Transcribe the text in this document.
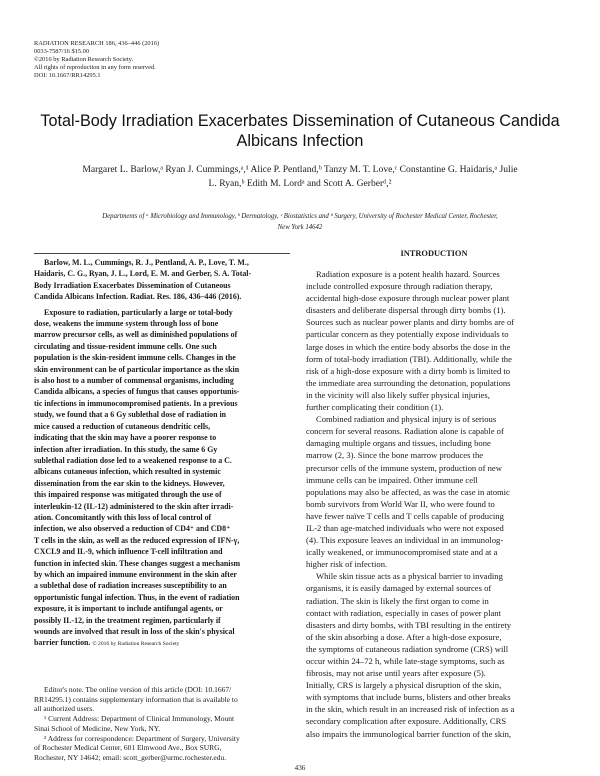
RADIATION RESEARCH 186, 436–446 (2016)
0033-7587/16 $15.00
©2016 by Radiation Research Society.
All rights of reproduction in any form reserved.
DOI: 10.1667/RR14295.1
Total-Body Irradiation Exacerbates Dissemination of Cutaneous Candida
Albicans Infection
Margaret L. Barlow,ᵃ Ryan J. Cummings,ᵃ,¹ Alice P. Pentland,ᵇ Tanzy M. T. Love,ᶜ Constantine G. Haidaris,ᵃ Julie
L. Ryan,ᵇ Edith M. Lordᵃ and Scott A. Gerberᵈ,²
Departments of ᵃ Microbiology and Immunology, ᵇ Dermatology, ᶜ Biostatistics and ᵈ Surgery, University of Rochester Medical Center, Rochester,
New York 14642
Barlow, M. L., Cummings, R. J., Pentland, A. P., Love, T. M.,
Haidaris, C. G., Ryan, J. L., Lord, E. M. and Gerber, S. A. Total-
Body Irradiation Exacerbates Dissemination of Cutaneous
Candida Albicans Infection. Radiat. Res. 186, 436–446 (2016).
Exposure to radiation, particularly a large or total-body
dose, weakens the immune system through loss of bone
marrow precursor cells, as well as diminished populations of
circulating and tissue-resident immune cells. One such
population is the skin-resident immune cells. Changes in the
skin environment can be of particular importance as the skin
is also host to a number of commensal organisms, including
Candida albicans, a species of fungus that causes opportunis-
tic infections in immunocompromised patients. In a previous
study, we found that a 6 Gy sublethal dose of radiation in
mice caused a reduction of cutaneous dendritic cells,
indicating that the skin may have a poorer response to
infection after irradiation. In this study, the same 6 Gy
sublethal radiation dose led to a weakened response to a C.
albicans cutaneous infection, which resulted in systemic
dissemination from the ear skin to the kidneys. However,
this impaired response was mitigated through the use of
interleukin-12 (IL-12) administered to the skin after irradi-
ation. Concomitantly with this loss of local control of
infection, we also observed a reduction of CD4⁺ and CD8⁺
T cells in the skin, as well as the reduced expression of IFN-γ,
CXCL9 and IL-9, which influence T-cell infiltration and
function in infected skin. These changes suggest a mechanism
by which an impaired immune environment in the skin after
a sublethal dose of radiation increases susceptibility to an
opportunistic fungal infection. Thus, in the event of radiation
exposure, it is important to include antifungal agents, or
possibly IL-12, in the treatment regimen, particularly if
wounds are involved that result in loss of the skin's physical
barrier function. © 2016 by Radiation Research Society
Editor's note. The online version of this article (DOI: 10.1667/
RR14295.1) contains supplementary information that is available to
all authorized users.
¹ Current Address: Department of Clinical Immunology, Mount
Sinai School of Medicine, New York, NY.
² Address for correspondence: Department of Surgery, University
of Rochester Medical Center, 601 Elmwood Ave., Box SURG,
Rochester, NY 14642; email: scott_gerber@urmc.rochester.edu.
INTRODUCTION
Radiation exposure is a potent health hazard. Sources
include controlled exposure through radiation therapy,
accidental high-dose exposure through nuclear power plant
disasters and deliberate dispersal through dirty bombs (1).
Sources such as nuclear power plants and dirty bombs are of
particular concern as they potentially expose individuals to
large doses in which the entire body absorbs the dose in the
form of total-body irradiation (TBI). Additionally, while the
risk of a high-dose exposure with a dirty bomb is limited to
the immediate area surrounding the detonation, populations
in the vicinity will also likely suffer physical injuries,
further complicating their condition (1).
Combined radiation and physical injury is of serious
concern for several reasons. Radiation alone is capable of
damaging multiple organs and tissues, including bone
marrow (2, 3). Since the bone marrow produces the
precursor cells of the immune system, production of new
immune cells can be impaired. Other immune cell
populations may also be affected, as was the case in atomic
bomb survivors from World War II, who were found to
have fewer naïve T cells and T cells capable of producing
IL-2 than age-matched individuals who were not exposed
(4). This exposure leaves an individual in an immunolog-
ically weakened, or immunocompromised state and at a
higher risk of infection.
While skin tissue acts as a physical barrier to invading
organisms, it is easily damaged by external sources of
radiation. The skin is likely the first organ to come in
contact with radiation, especially in cases of power plant
disasters and dirty bombs, with TBI resulting in the entirety
of the skin absorbing a dose. After a high-dose exposure,
the symptoms of cutaneous radiation syndrome (CRS) will
occur within 24–72 h, while late-stage symptoms, such as
fibrosis, may not arise until years after exposure (5).
Initially, CRS is largely a physical disruption of the skin,
with symptoms that include burns, blisters and other breaks
in the skin, which result in an increased risk of infection as a
secondary complication after exposure. Additionally, CRS
also impairs the immunological barrier function of the skin,
436
